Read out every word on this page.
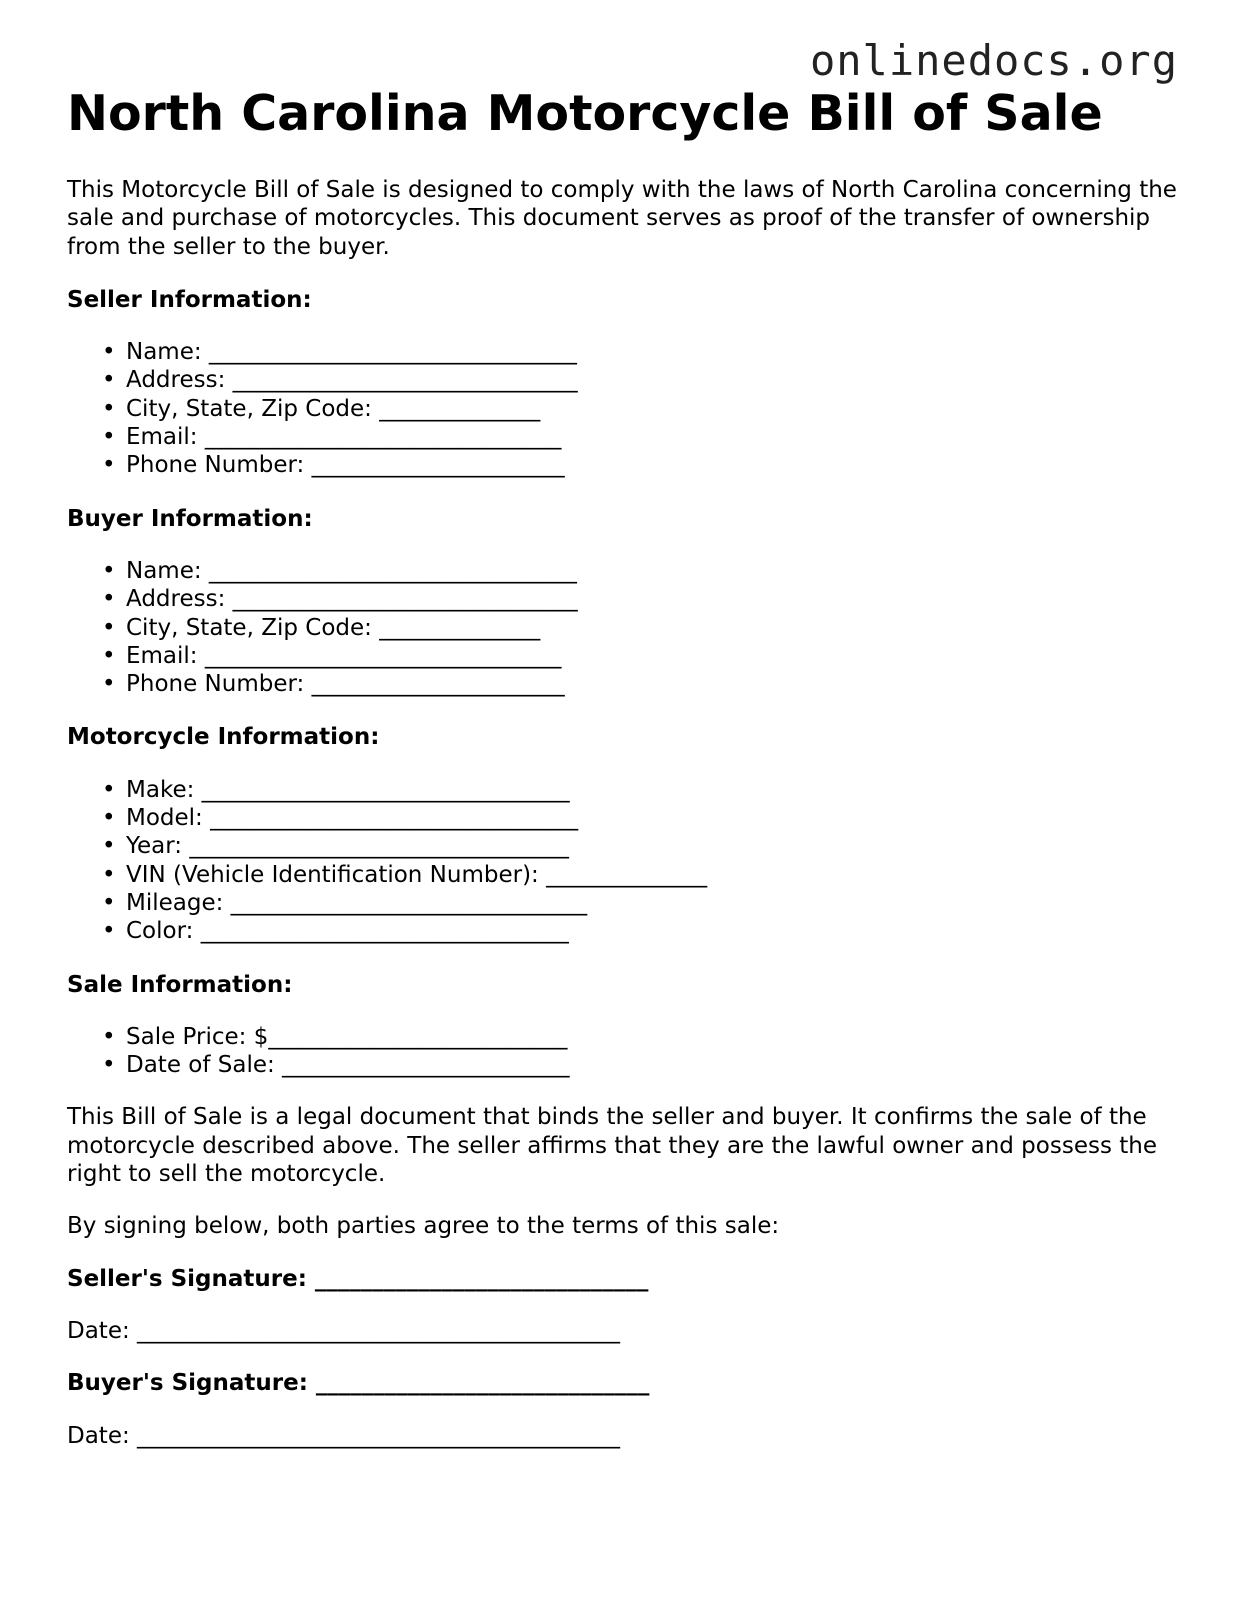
onlinedocs.org
North Carolina Motorcycle Bill of Sale

This Motorcycle Bill of Sale is designed to comply with the laws of North Carolina concerning the sale and purchase of motorcycles. This document serves as proof of the transfer of ownership from the seller to the buyer.

Seller Information:
• Name: ________________________________
• Address: ______________________________
• City, State, Zip Code: ______________
• Email: _______________________________
• Phone Number: ______________________
Buyer Information:
• Name: ________________________________
• Address: ______________________________
• City, State, Zip Code: ______________
• Email: _______________________________
• Phone Number: ______________________
Motorcycle Information:
• Make: ________________________________
• Model: ________________________________
• Year: _________________________________
• VIN (Vehicle Identification Number): ______________
• Mileage: _______________________________
• Color: ________________________________
Sale Information:
• Sale Price: $__________________________
• Date of Sale: _________________________

This Bill of Sale is a legal document that binds the seller and buyer. It confirms the sale of the motorcycle described above. The seller affirms that they are the lawful owner and possess the right to sell the motorcycle.

By signing below, both parties agree to the terms of this sale:

Seller's Signature: _____________________________

Date: __________________________________________

Buyer's Signature: _____________________________

Date: __________________________________________
